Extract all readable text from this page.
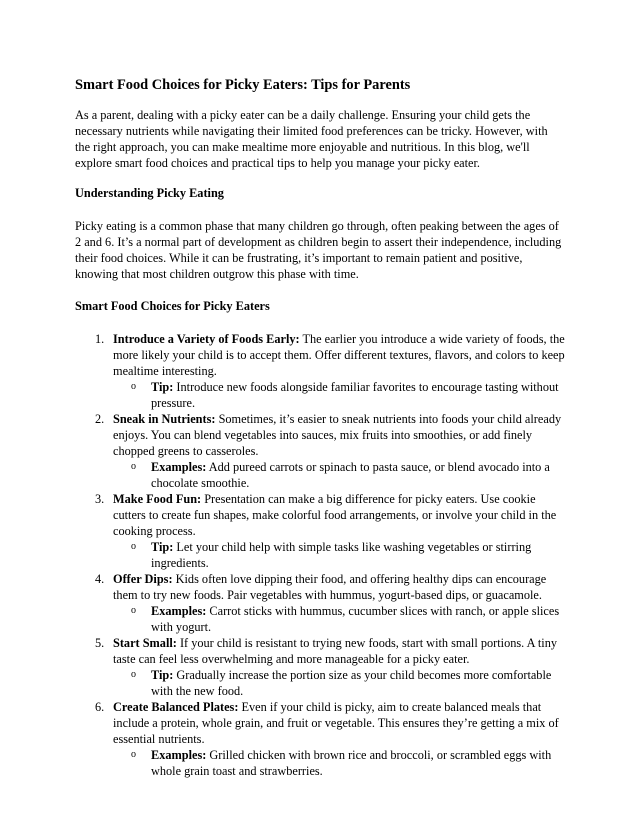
Smart Food Choices for Picky Eaters: Tips for Parents

As a parent, dealing with a picky eater can be a daily challenge. Ensuring your child gets the necessary nutrients while navigating their limited food preferences can be tricky. However, with the right approach, you can make mealtime more enjoyable and nutritious. In this blog, we'll explore smart food choices and practical tips to help you manage your picky eater.

Understanding Picky Eating

Picky eating is a common phase that many children go through, often peaking between the ages of 2 and 6. It’s a normal part of development as children begin to assert their independence, including their food choices. While it can be frustrating, it’s important to remain patient and positive, knowing that most children outgrow this phase with time.

Smart Food Choices for Picky Eaters
1. Introduce a Variety of Foods Early: The earlier you introduce a wide variety of foods, the more likely your child is to accept them. Offer different textures, flavors, and colors to keep mealtime interesting.
o Tip: Introduce new foods alongside familiar favorites to encourage tasting without pressure.
2. Sneak in Nutrients: Sometimes, it’s easier to sneak nutrients into foods your child already enjoys. You can blend vegetables into sauces, mix fruits into smoothies, or add finely chopped greens to casseroles.
o Examples: Add pureed carrots or spinach to pasta sauce, or blend avocado into a chocolate smoothie.
3. Make Food Fun: Presentation can make a big difference for picky eaters. Use cookie cutters to create fun shapes, make colorful food arrangements, or involve your child in the cooking process.
o Tip: Let your child help with simple tasks like washing vegetables or stirring ingredients.
4. Offer Dips: Kids often love dipping their food, and offering healthy dips can encourage them to try new foods. Pair vegetables with hummus, yogurt-based dips, or guacamole.
o Examples: Carrot sticks with hummus, cucumber slices with ranch, or apple slices with yogurt.
5. Start Small: If your child is resistant to trying new foods, start with small portions. A tiny taste can feel less overwhelming and more manageable for a picky eater.
o Tip: Gradually increase the portion size as your child becomes more comfortable with the new food.
6. Create Balanced Plates: Even if your child is picky, aim to create balanced meals that include a protein, whole grain, and fruit or vegetable. This ensures they’re getting a mix of essential nutrients.
o Examples: Grilled chicken with brown rice and broccoli, or scrambled eggs with whole grain toast and strawberries.
